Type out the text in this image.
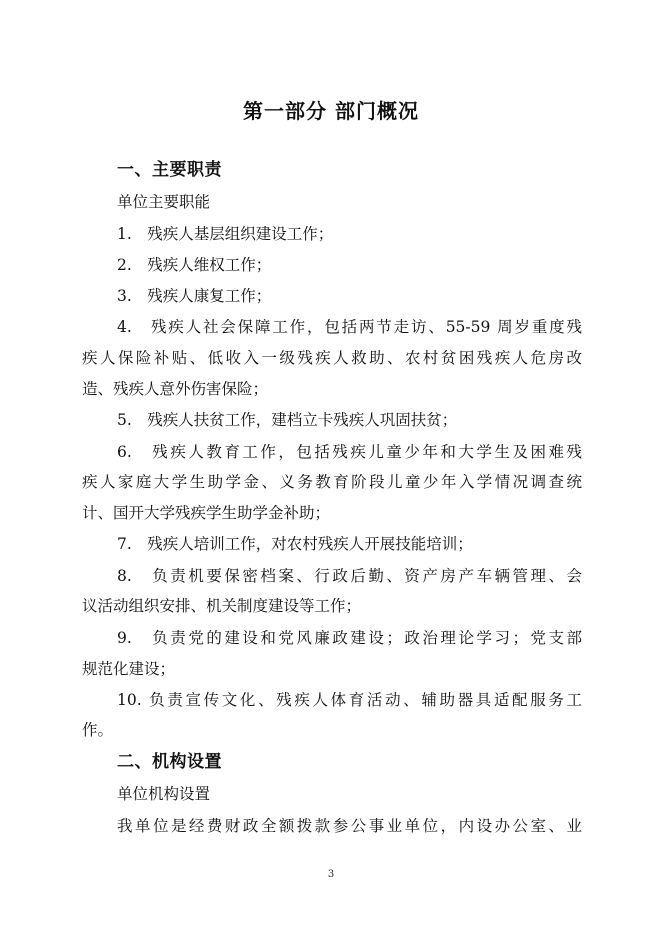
第一部分 部门概况
一、主要职责
单位主要职能
1.　残疾人基层组织建设工作；
2.　残疾人维权工作；
3.　残疾人康复工作；
4.　残疾人社会保障工作，包括两节走访、55-59 周岁重度残
疾人保险补贴、低收入一级残疾人救助、农村贫困残疾人危房改
造、残疾人意外伤害保险；
5.　残疾人扶贫工作，建档立卡残疾人巩固扶贫；
6.　残疾人教育工作，包括残疾儿童少年和大学生及困难残
疾人家庭大学生助学金、义务教育阶段儿童少年入学情况调查统
计、国开大学残疾学生助学金补助；
7.　残疾人培训工作，对农村残疾人开展技能培训；
8.　负责机要保密档案、行政后勤、资产房产车辆管理、会
议活动组织安排、机关制度建设等工作；
9.　负责党的建设和党风廉政建设；政治理论学习；党支部
规范化建设；
10. 负责宣传文化、残疾人体育活动、辅助器具适配服务工
作。
二、机构设置
单位机构设置
我单位是经费财政全额拨款参公事业单位，内设办公室、业
3
